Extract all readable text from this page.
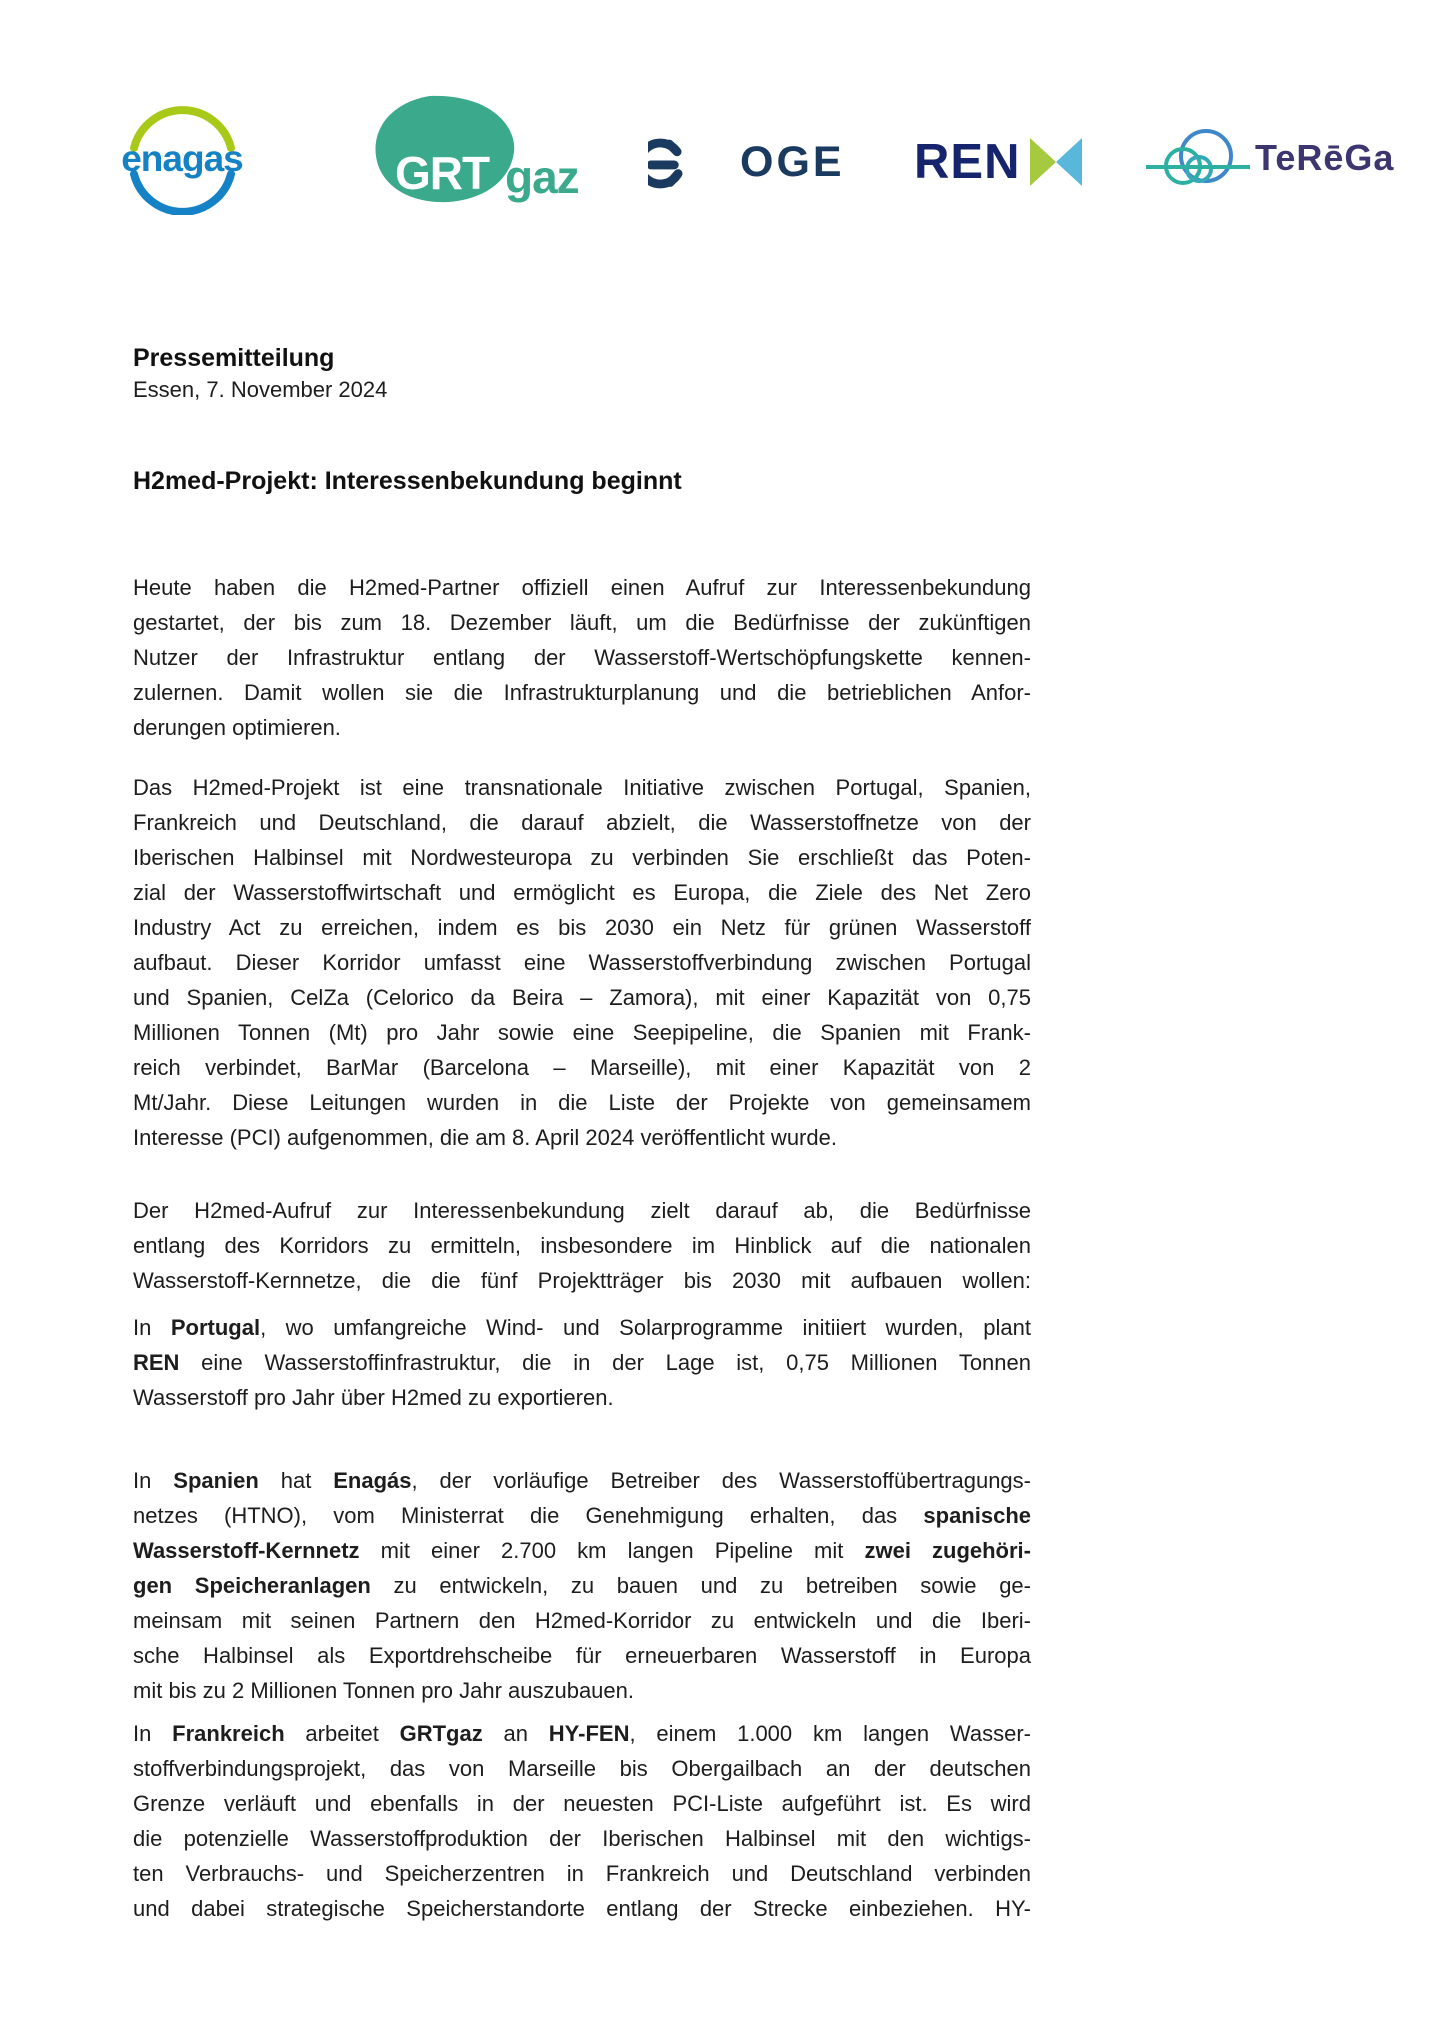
enagas	GRT gaz	OGE REN	TeRēGa
Pressemitteilung
Essen, 7. November 2024
H2med-Projekt: Interessenbekundung beginnt
Heute haben die H2med-Partner offiziell einen Aufruf zur Interessenbekundung
gestartet, der bis zum 18. Dezember läuft, um die Bedürfnisse der zukünftigen
Nutzer der Infrastruktur entlang der Wasserstoff-Wertschöpfungskette kennen-
zulernen. Damit wollen sie die Infrastrukturplanung und die betrieblichen Anfor-
derungen optimieren.
Das H2med-Projekt ist eine transnationale Initiative zwischen Portugal, Spanien,
Frankreich und Deutschland, die darauf abzielt, die Wasserstoffnetze von der
Iberischen Halbinsel mit Nordwesteuropa zu verbinden Sie erschließt das Poten-
zial der Wasserstoffwirtschaft und ermöglicht es Europa, die Ziele des Net Zero
Industry Act zu erreichen, indem es bis 2030 ein Netz für grünen Wasserstoff
aufbaut. Dieser Korridor umfasst eine Wasserstoffverbindung zwischen Portugal
und Spanien, CelZa (Celorico da Beira – Zamora), mit einer Kapazität von 0,75
Millionen Tonnen (Mt) pro Jahr sowie eine Seepipeline, die Spanien mit Frank-
reich verbindet, BarMar (Barcelona – Marseille), mit einer Kapazität von 2
Mt/Jahr. Diese Leitungen wurden in die Liste der Projekte von gemeinsamem
Interesse (PCI) aufgenommen, die am 8. April 2024 veröffentlicht wurde.
Der H2med-Aufruf zur Interessenbekundung zielt darauf ab, die Bedürfnisse
entlang des Korridors zu ermitteln, insbesondere im Hinblick auf die nationalen
Wasserstoff-Kernnetze, die die fünf Projektträger bis 2030 mit aufbauen wollen:
In Portugal, wo umfangreiche Wind- und Solarprogramme initiiert wurden, plant
REN eine Wasserstoffinfrastruktur, die in der Lage ist, 0,75 Millionen Tonnen
Wasserstoff pro Jahr über H2med zu exportieren.
In Spanien hat Enagás, der vorläufige Betreiber des Wasserstoffübertragungs-
netzes (HTNO), vom Ministerrat die Genehmigung erhalten, das spanische
Wasserstoff-Kernnetz mit einer 2.700 km langen Pipeline mit zwei zugehöri-
gen Speicheranlagen zu entwickeln, zu bauen und zu betreiben sowie ge-
meinsam mit seinen Partnern den H2med-Korridor zu entwickeln und die Iberi-
sche Halbinsel als Exportdrehscheibe für erneuerbaren Wasserstoff in Europa
mit bis zu 2 Millionen Tonnen pro Jahr auszubauen.
In Frankreich arbeitet GRTgaz an HY-FEN, einem 1.000 km langen Wasser-
stoffverbindungsprojekt, das von Marseille bis Obergailbach an der deutschen
Grenze verläuft und ebenfalls in der neuesten PCI-Liste aufgeführt ist. Es wird
die potenzielle Wasserstoffproduktion der Iberischen Halbinsel mit den wichtigs-
ten Verbrauchs- und Speicherzentren in Frankreich und Deutschland verbinden
und dabei strategische Speicherstandorte entlang der Strecke einbeziehen. HY-
